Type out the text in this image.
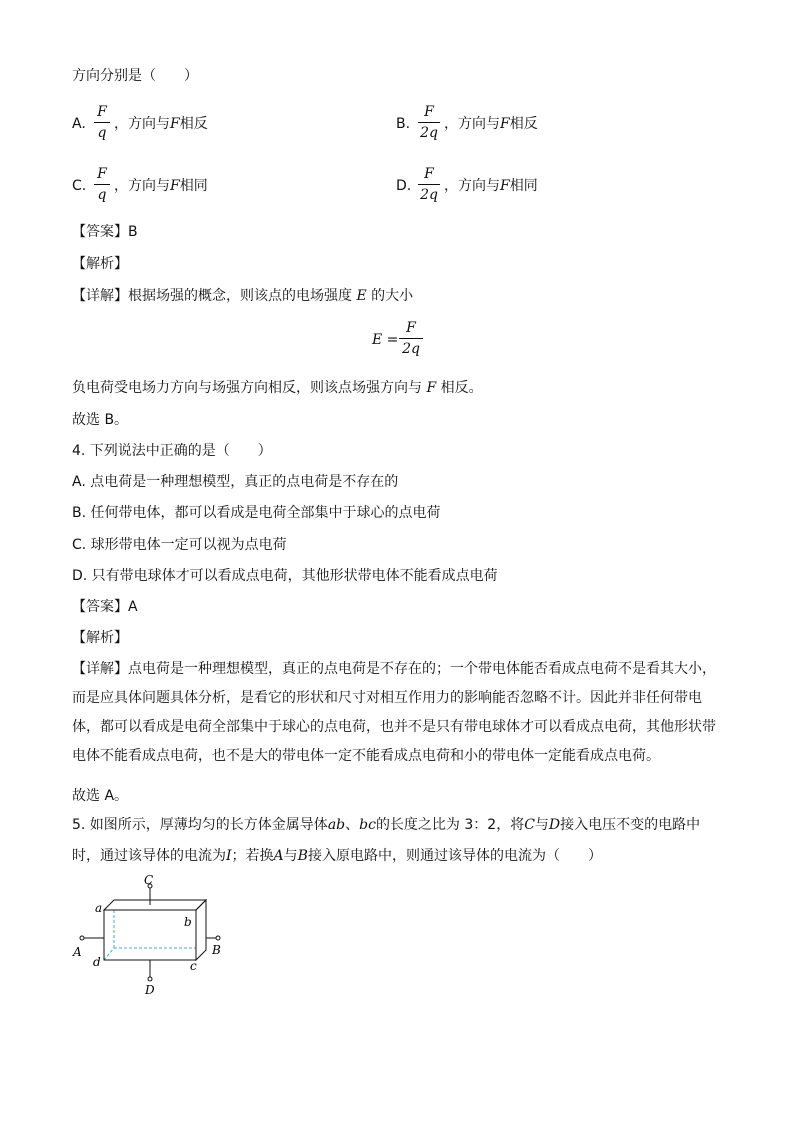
方向分别是（　　）
A.
F
q
，方向与F相反	B.
F
2q
，方向与F相反
C.
F
q
，方向与F相同	D.
F
2q
，方向与F相同
【答案】B
【解析】
【详解】根据场强的概念，则该点的电场强度 E 的大小
E =
F
2q
负电荷受电场力方向与场强方向相反，则该点场强方向与 F 相反。
故选 B。
4. 下列说法中正确的是（　　）
A. 点电荷是一种理想模型，真正的点电荷是不存在的
B. 任何带电体，都可以看成是电荷全部集中于球心的点电荷
C. 球形带电体一定可以视为点电荷
D. 只有带电球体才可以看成点电荷，其他形状带电体不能看成点电荷
【答案】A
【解析】
【详解】点电荷是一种理想模型，真正的点电荷是不存在的；一个带电体能否看成点电荷不是看其大小，而是应具体问题具体分析，是看它的形状和尺寸对相互作用力的影响能否忽略不计。因此并非任何带电体，都可以看成是电荷全部集中于球心的点电荷，也并不是只有带电球体才可以看成点电荷，其他形状带电体不能看成点电荷，也不是大的带电体一定不能看成点电荷和小的带电体一定能看成点电荷。
故选 A。
5. 如图所示，厚薄均匀的长方体金属导体ab、bc的长度之比为 3：2，将C与D接入电压不变的电路中
时，通过该导体的电流为I；若换A与B接入原电路中，则通过该导体的电流为（　　）
C
D
A	B
a
b
c
d
